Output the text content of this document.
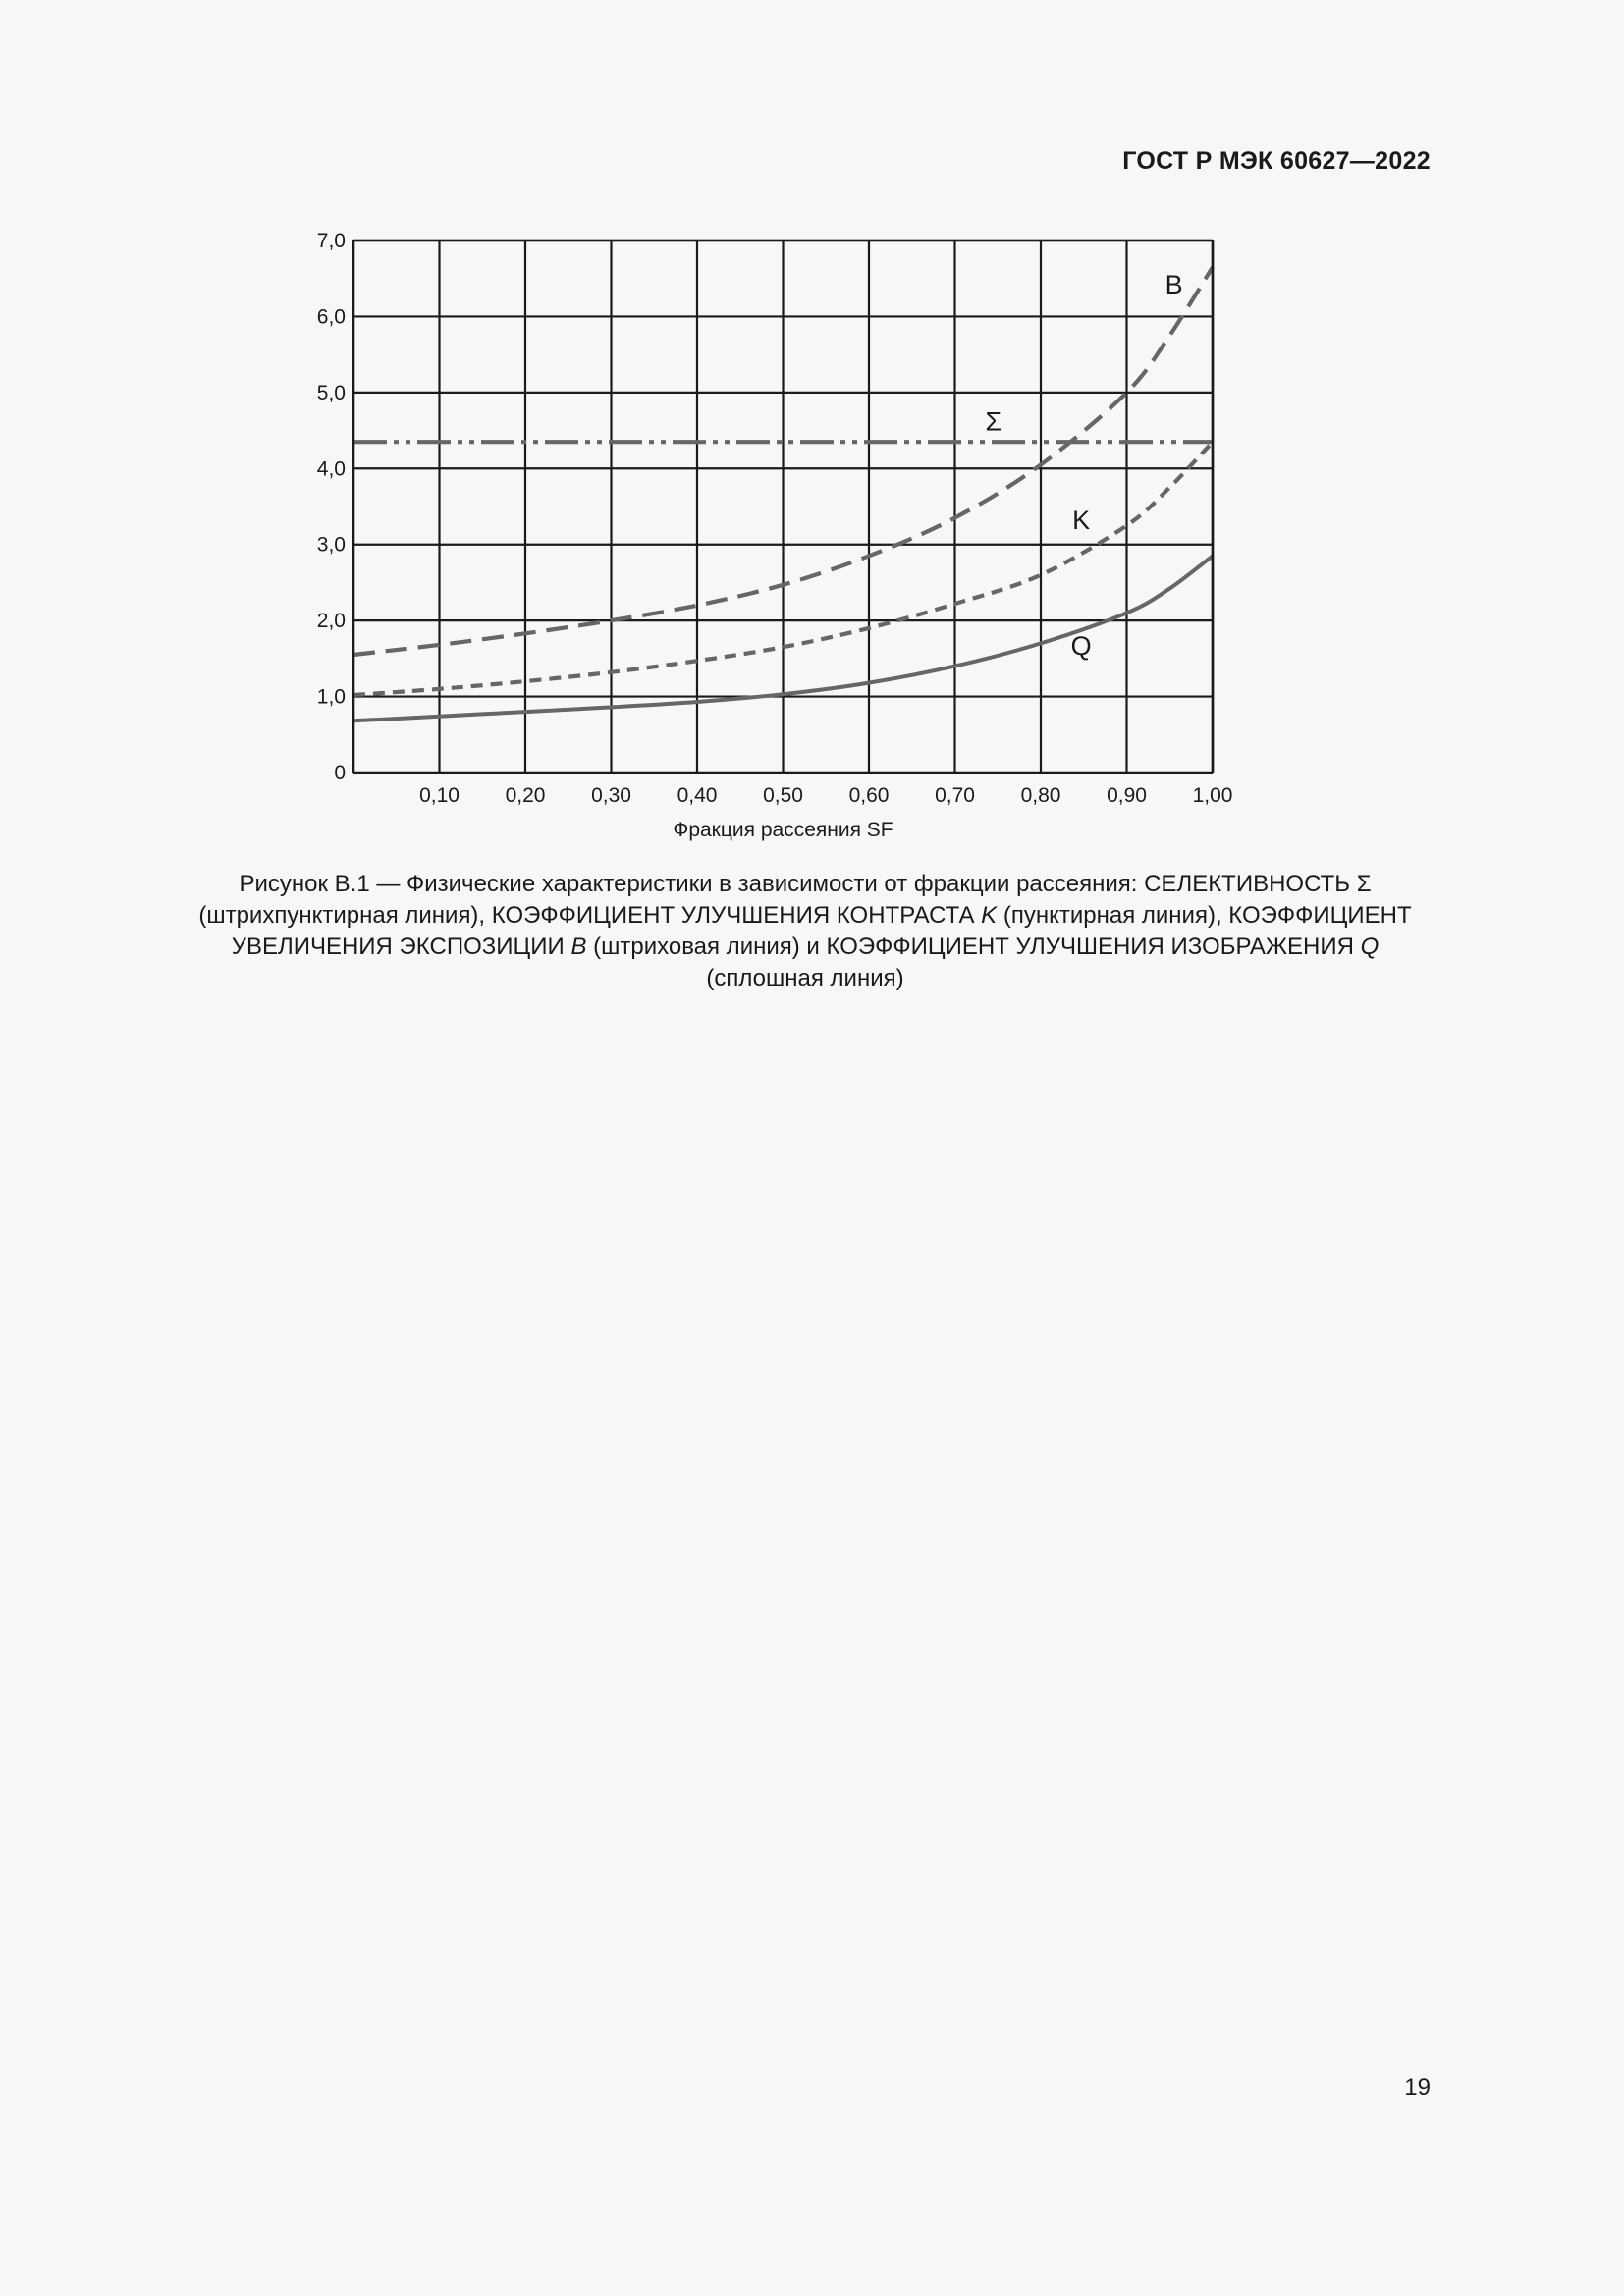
ГОСТ Р МЭК 60627—2022
0
1,0
2,0
3,0
4,0
5,0
6,0
7,0
0,10 0,20 0,30 0,40 0,50 0,60 0,70 0,80 0,90 1,00
Фракция рассеяния SF
B
Σ
K
Q
Рисунок В.1 — Физические характеристики в зависимости от фракции рассеяния: СЕЛЕКТИВНОСТЬ Σ
(штрихпунктирная линия), КОЭФФИЦИЕНТ УЛУЧШЕНИЯ КОНТРАСТА K (пунктирная линия), КОЭФФИЦИЕНТ
УВЕЛИЧЕНИЯ ЭКСПОЗИЦИИ B (штриховая линия) и КОЭФФИЦИЕНТ УЛУЧШЕНИЯ ИЗОБРАЖЕНИЯ Q
(сплошная линия)
19
